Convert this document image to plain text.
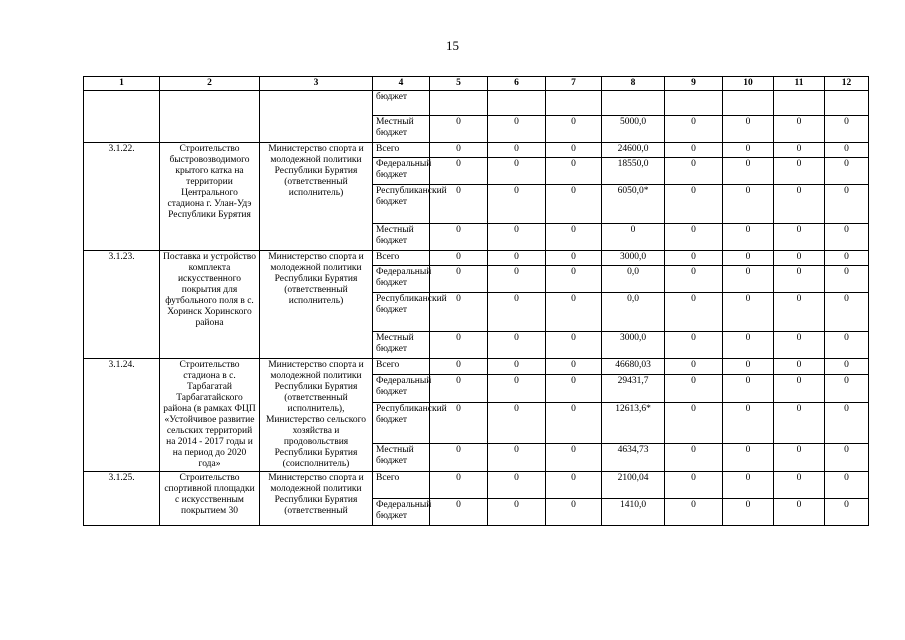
15
1	2	3	4	5	6	7	8	9	10	11	12
			бюджет								
			Местный бюджет	0	0	0	5000,0	0	0	0	0
3.1.22.	Строительство быстровозводимого крытого катка на территории Центрального стадиона г. Улан-Удэ Республики Бурятия	Министерство спорта и молодежной политики Республики Бурятия (ответственный исполнитель)	Всего	0	0	0	24600,0	0	0	0	0
			Федеральный бюджет	0	0	0	18550,0	0	0	0	0
			Республиканский бюджет	0	0	0	6050,0*	0	0	0	0
			Местный бюджет	0	0	0	0	0	0	0	0
3.1.23.	Поставка и устройство комплекта искусственного покрытия для футбольного поля в с. Хоринск Хоринского района	Министерство спорта и молодежной политики Республики Бурятия (ответственный исполнитель)	Всего	0	0	0	3000,0	0	0	0	0
			Федеральный бюджет	0	0	0	0,0	0	0	0	0
			Республиканский бюджет	0	0	0	0,0	0	0	0	0
			Местный бюджет	0	0	0	3000,0	0	0	0	0
3.1.24.	Строительство стадиона в с. Тарбагатай Тарбагатайского района (в рамках ФЦП «Устойчивое развитие сельских территорий на 2014 - 2017 годы и на период до 2020 года»	Министерство спорта и молодежной политики Республики Бурятия (ответственный исполнитель), Министерство сельского хозяйства и продовольствия Республики Бурятия (соисполнитель)	Всего	0	0	0	46680,03	0	0	0	0
			Федеральный бюджет	0	0	0	29431,7	0	0	0	0
			Республиканский бюджет	0	0	0	12613,6*	0	0	0	0
			Местный бюджет	0	0	0	4634,73	0	0	0	0
3.1.25.	Строительство спортивной площадки с искусственным покрытием 30	Министерство спорта и молодежной политики Республики Бурятия (ответственный	Всего	0	0	0	2100,04	0	0	0	0
			Федеральный бюджет	0	0	0	1410,0	0	0	0	0
